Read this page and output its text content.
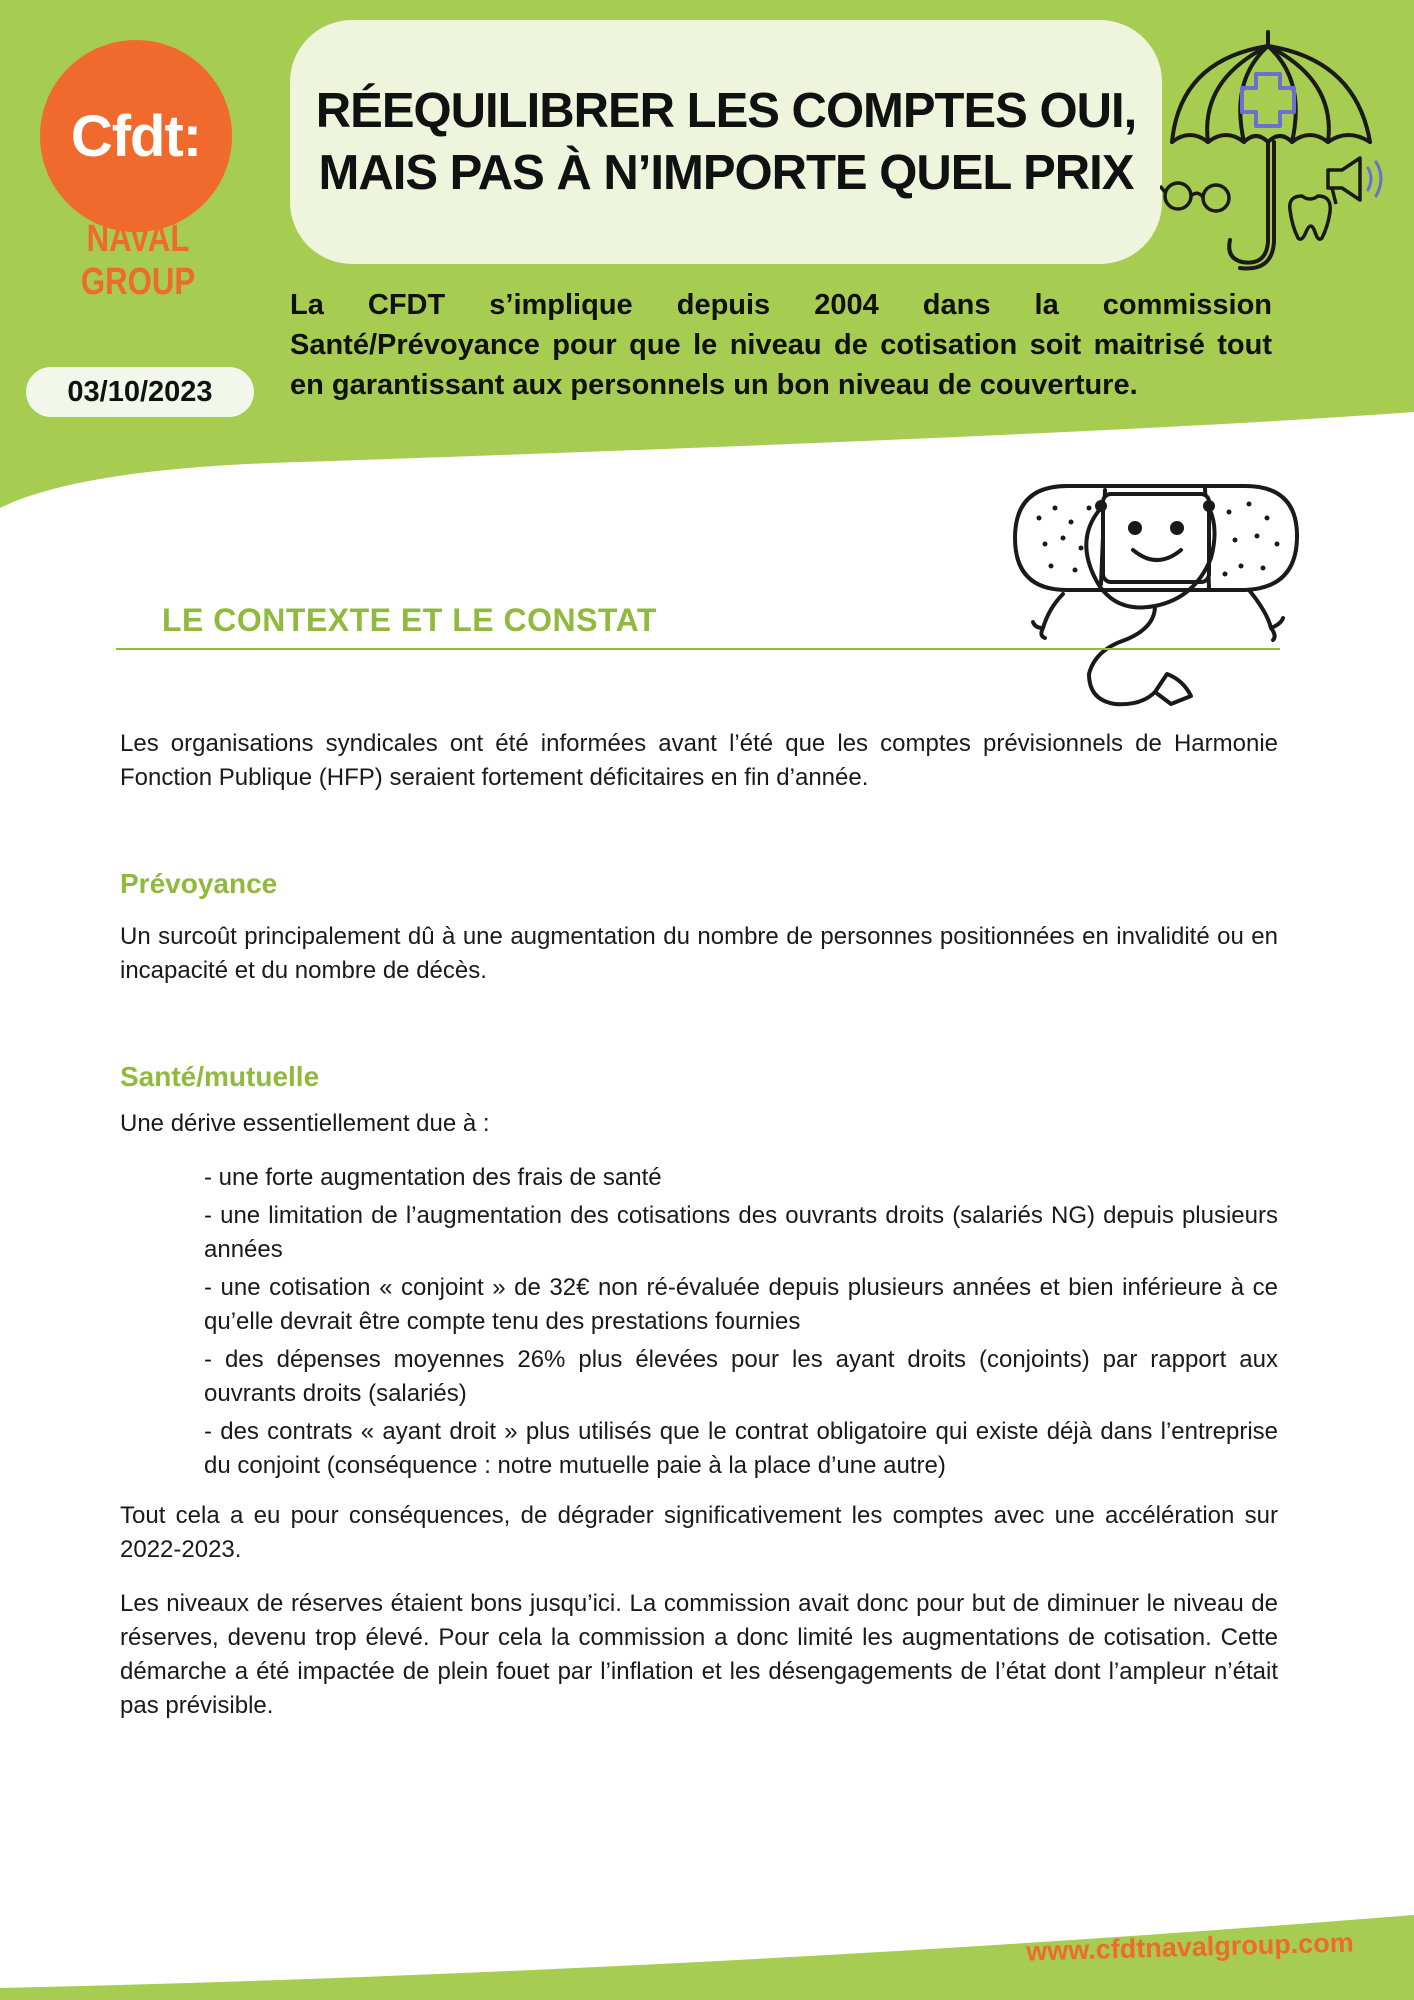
Cfdt:
NAVAL GROUP
RÉEQUILIBRER LES COMPTES OUI,
MAIS PAS À N’IMPORTE QUEL PRIX
03/10/2023
La CFDT s’implique depuis 2004 dans la commission Santé/Prévoyance pour que le niveau de cotisation soit maitrisé tout en garantissant aux personnels un bon niveau de couverture.
LE CONTEXTE ET LE CONSTAT

Les organisations syndicales ont été informées avant l’été que les comptes prévisionnels de Harmonie Fonction Publique (HFP) seraient fortement déficitaires en fin d’année.

Prévoyance

Un surcoût principalement dû à une augmentation du nombre de personnes positionnées en invalidité ou en incapacité et du nombre de décès.

Santé/mutuelle

Une dérive essentiellement due à :

- une forte augmentation des frais de santé
- une limitation de l’augmentation des cotisations des ouvrants droits (salariés NG) depuis plusieurs années
- une cotisation « conjoint » de 32€ non ré-évaluée depuis plusieurs années et bien inférieure à ce qu’elle devrait être compte tenu des prestations fournies
- des dépenses moyennes 26% plus élevées pour les ayant droits (conjoints) par rapport aux ouvrants droits (salariés)
- des contrats « ayant droit » plus utilisés que le contrat obligatoire qui existe déjà dans l’entreprise du conjoint (conséquence : notre mutuelle paie à la place d’une autre)

Tout cela a eu pour conséquences, de dégrader significativement les comptes avec une accélération sur 2022-2023.

Les niveaux de réserves étaient bons jusqu’ici. La commission avait donc pour but de diminuer le niveau de réserves, devenu trop élevé. Pour cela la commission a donc limité les augmentations de cotisation. Cette démarche a été impactée de plein fouet par l’inflation et les désengagements de l’état dont l’ampleur n’était pas prévisible.

www.cfdtnavalgroup.com
